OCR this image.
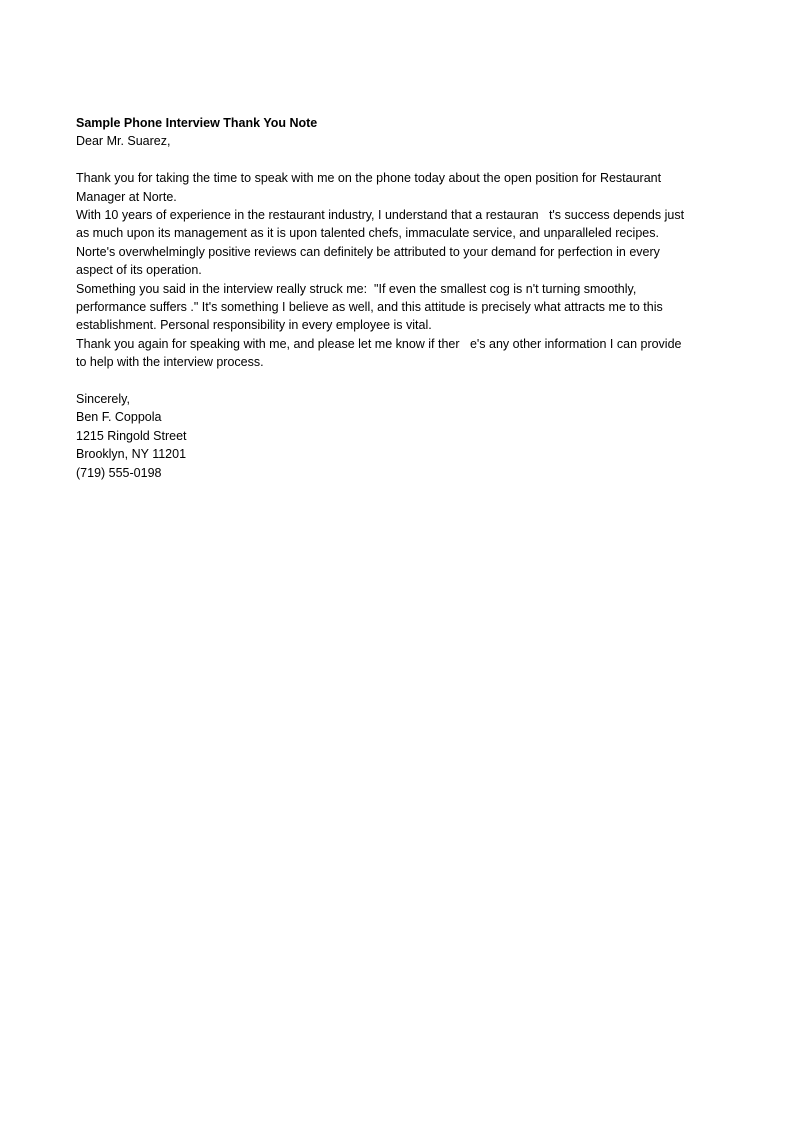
Sample Phone Interview Thank You Note

Dear Mr. Suarez,

Thank you for taking the time to speak with me on the phone today about the open position for Restaurant

Manager at Norte.

With 10 years of experience in the restaurant industry, I understand that a restauran   t's success depends just

as much upon its management as it is upon talented chefs, immaculate service, and unparalleled recipes.

Norte's overwhelmingly positive reviews can definitely be attributed to your demand for perfection in every

aspect of its operation.

Something you said in the interview really struck me:  "If even the smallest cog is n't turning smoothly,

performance suffers ." It's something I believe as well, and this attitude is precisely what attracts me to this

establishment. Personal responsibility in every employee is vital.

Thank you again for speaking with me, and please let me know if ther   e's any other information I can provide

to help with the interview process.

Sincerely,

Ben F. Coppola

1215 Ringold Street

Brooklyn, NY 11201

(719) 555-0198
